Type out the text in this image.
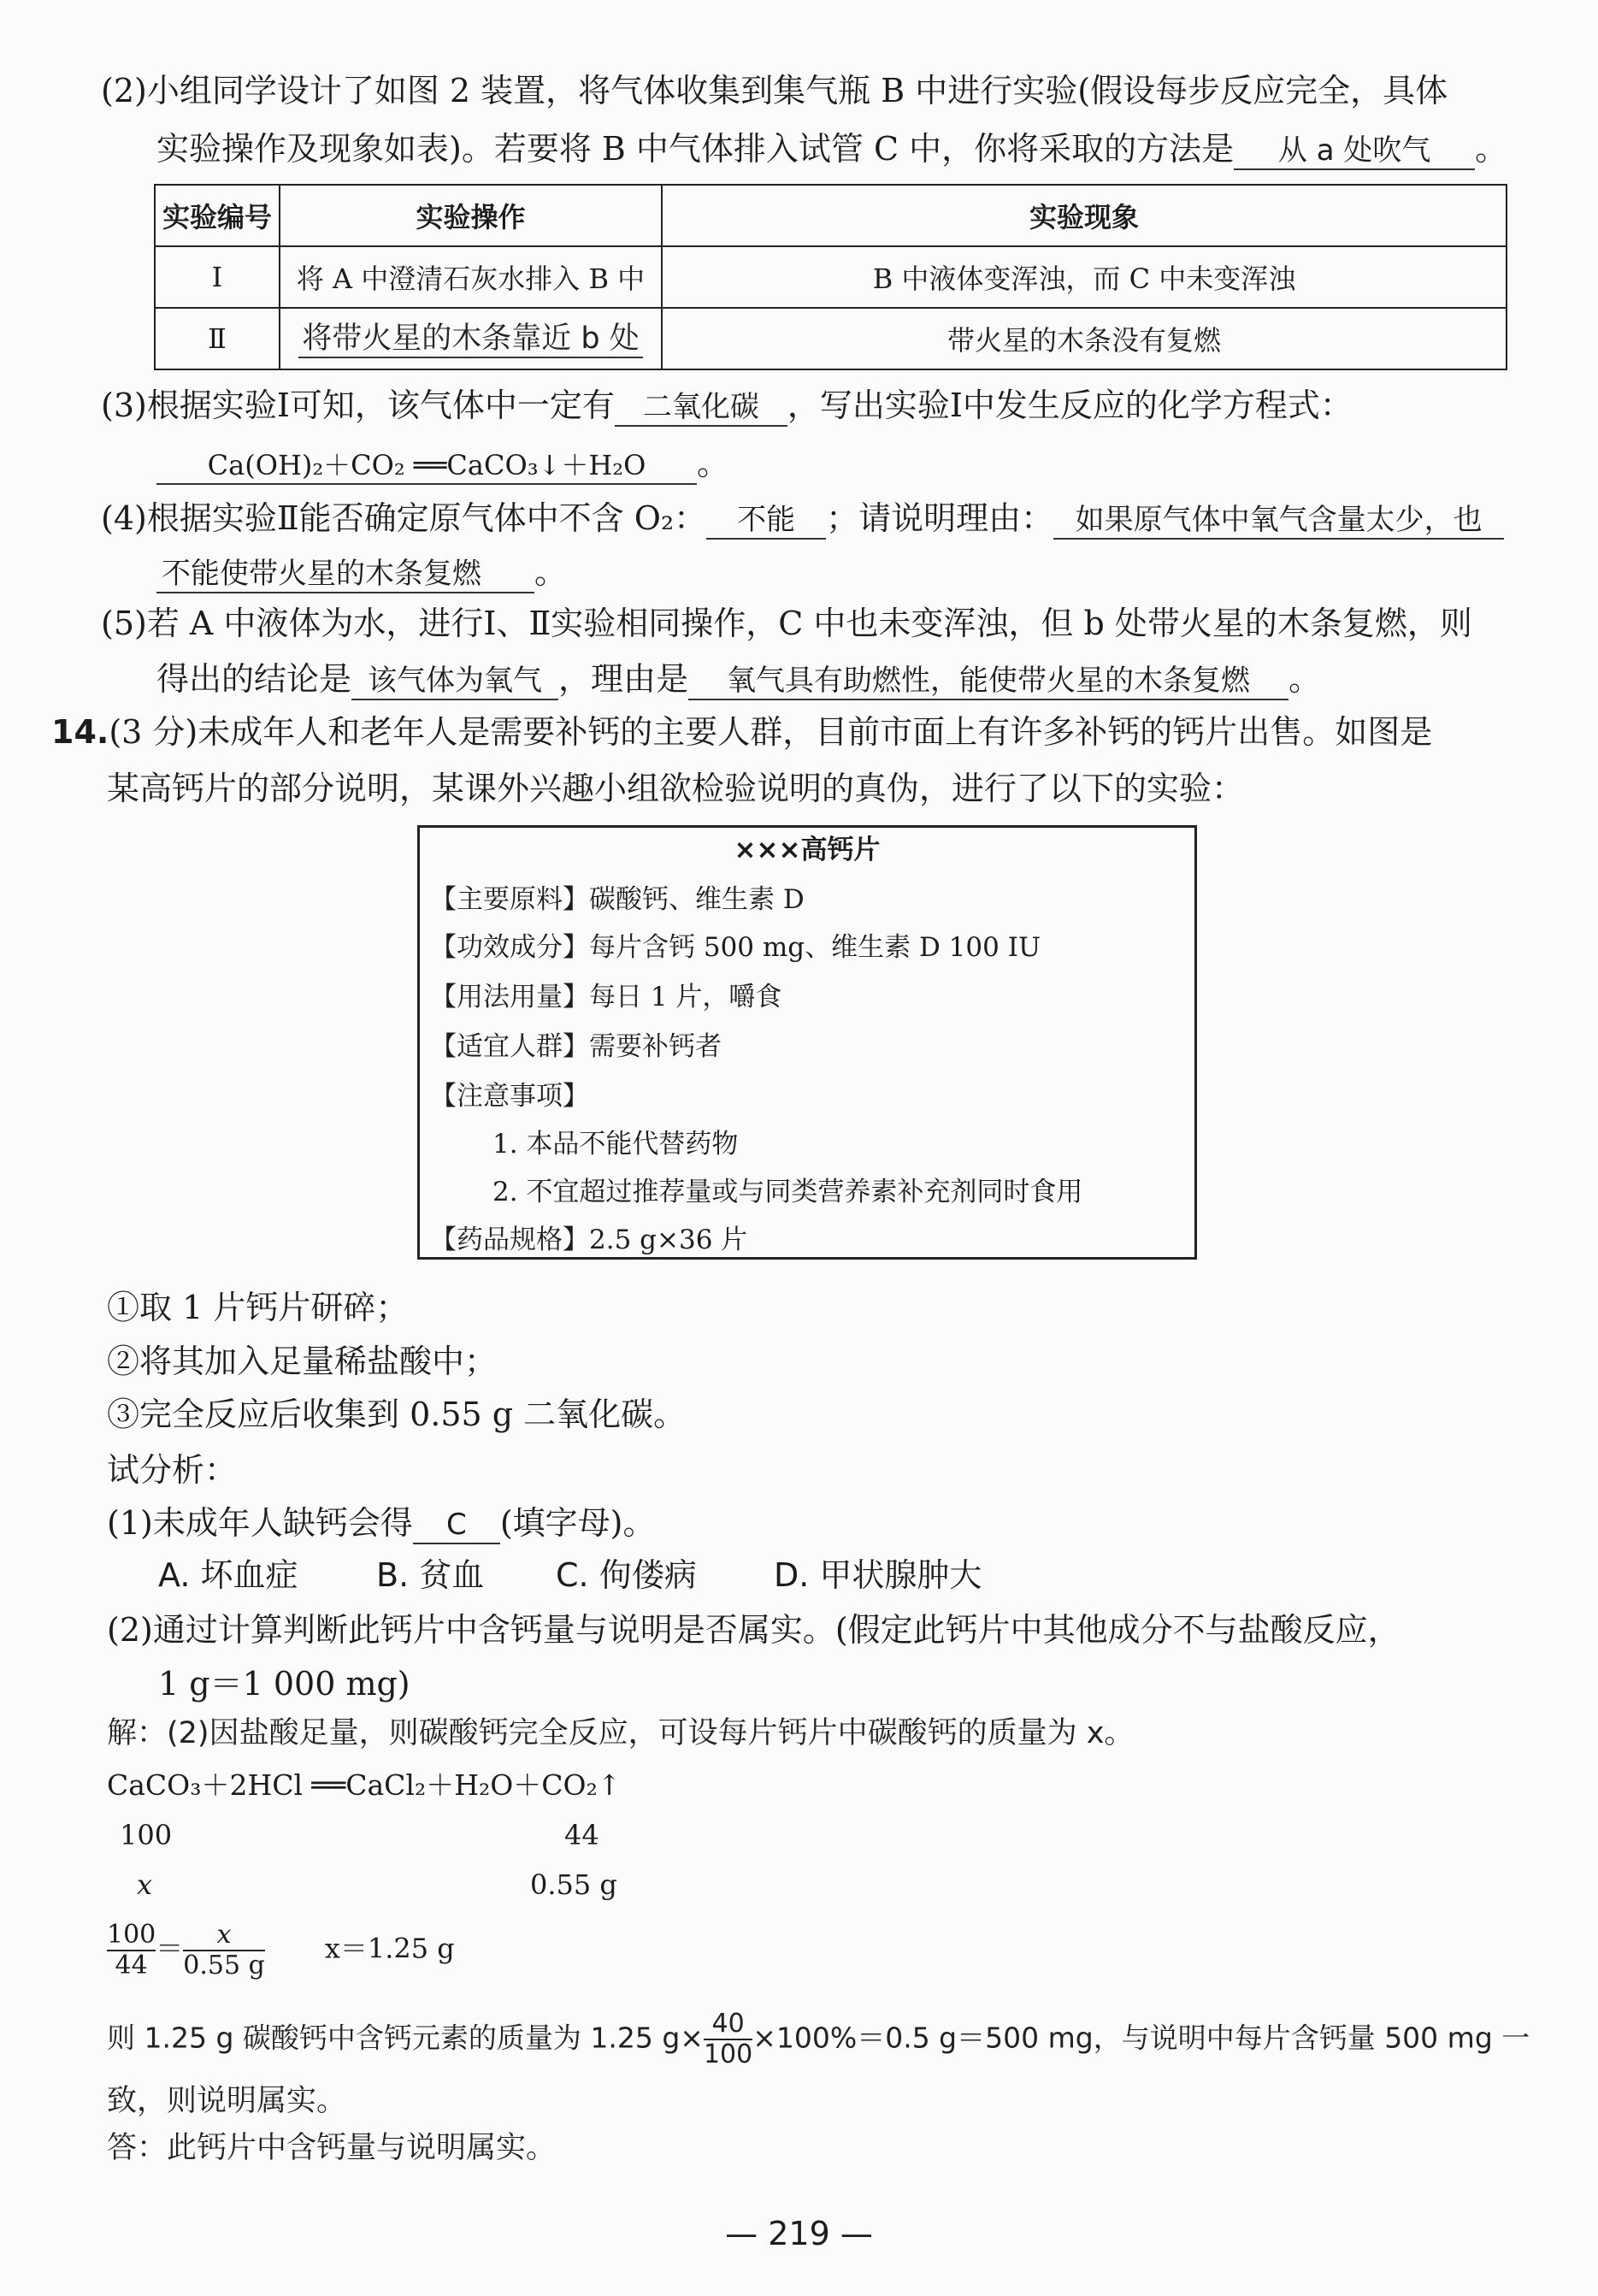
(2)小组同学设计了如图 2 装置，将气体收集到集气瓶 B 中进行实验(假设每步反应完全，具体
实验操作及现象如表)。若要将 B 中气体排入试管 C 中，你将采取的方法是 从 a 处吹气 。
实验编号	实验操作	实验现象
Ⅰ	将 A 中澄清石灰水排入 B 中	B 中液体变浑浊，而 C 中未变浑浊
Ⅱ	将带火星的木条靠近 b 处	带火星的木条没有复燃
(3)根据实验Ⅰ可知，该气体中一定有 二氧化碳 ，写出实验Ⅰ中发生反应的化学方程式：
Ca(OH)₂＋CO₂ ══CaCO₃↓＋H₂O 。
(4)根据实验Ⅱ能否确定原气体中不含 O₂： 不能 ；请说明理由： 如果原气体中氧气含量太少，也
不能使带火星的木条复燃 。
(5)若 A 中液体为水，进行Ⅰ、Ⅱ实验相同操作，C 中也未变浑浊，但 b 处带火星的木条复燃，则
得出的结论是 该气体为氧气 ，理由是 氧气具有助燃性，能使带火星的木条复燃 。
14.(3 分)未成年人和老年人是需要补钙的主要人群，目前市面上有许多补钙的钙片出售。如图是
某高钙片的部分说明，某课外兴趣小组欲检验说明的真伪，进行了以下的实验：
×××高钙片
【主要原料】碳酸钙、维生素 D
【功效成分】每片含钙 500 mg、维生素 D 100 IU
【用法用量】每日 1 片，嚼食
【适宜人群】需要补钙者
【注意事项】
1. 本品不能代替药物
2. 不宜超过推荐量或与同类营养素补充剂同时食用
【药品规格】2.5 g×36 片
①取 1 片钙片研碎；
②将其加入足量稀盐酸中；
③完全反应后收集到 0.55 g 二氧化碳。
试分析：
(1)未成年人缺钙会得 C (填字母)。
A. 坏血症 B. 贫血 C. 佝偻病 D. 甲状腺肿大
(2)通过计算判断此钙片中含钙量与说明是否属实。(假定此钙片中其他成分不与盐酸反应，
1 g＝1 000 mg)
解：(2)因盐酸足量，则碳酸钙完全反应，可设每片钙片中碳酸钙的质量为 x。
CaCO₃＋2HCl ══CaCl₂＋H₂O＋CO₂↑
100	44
x	0.55 g
$\frac{100}{44} = \frac{x}{0.55 g} x=1.25$ g
则 1.25 g 碳酸钙中含钙元素的质量为 1.25 $g\times \frac{40}{100} \times 100\%=0.5$ g＝500 mg，与说明中每片含钙量 500 mg 一
致，则说明属实。
答：此钙片中含钙量与说明属实。
— 219 —
